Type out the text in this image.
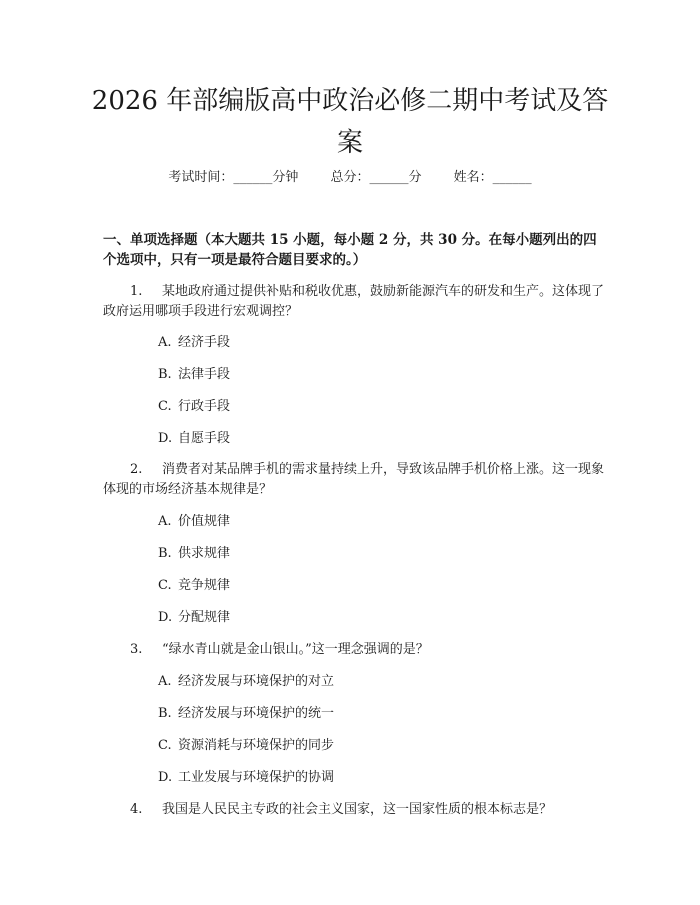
2026 年部编版高中政治必修二期中考试及答
案
考试时间：______分钟 总分：______分 姓名：______
一、单项选择题（本大题共 15 小题，每小题 2 分，共 30 分。在每小题列出的四个选项中，只有一项是最符合题目要求的。）
1. 某地政府通过提供补贴和税收优惠，鼓励新能源汽车的研发和生产。这体现了政府运用哪项手段进行宏观调控？
A. 经济手段
B. 法律手段
C. 行政手段
D. 自愿手段
2. 消费者对某品牌手机的需求量持续上升，导致该品牌手机价格上涨。这一现象体现的市场经济基本规律是？
A. 价值规律
B. 供求规律
C. 竞争规律
D. 分配规律
3. “绿水青山就是金山银山。”这一理念强调的是？
A. 经济发展与环境保护的对立
B. 经济发展与环境保护的统一
C. 资源消耗与环境保护的同步
D. 工业发展与环境保护的协调
4. 我国是人民民主专政的社会主义国家，这一国家性质的根本标志是？
